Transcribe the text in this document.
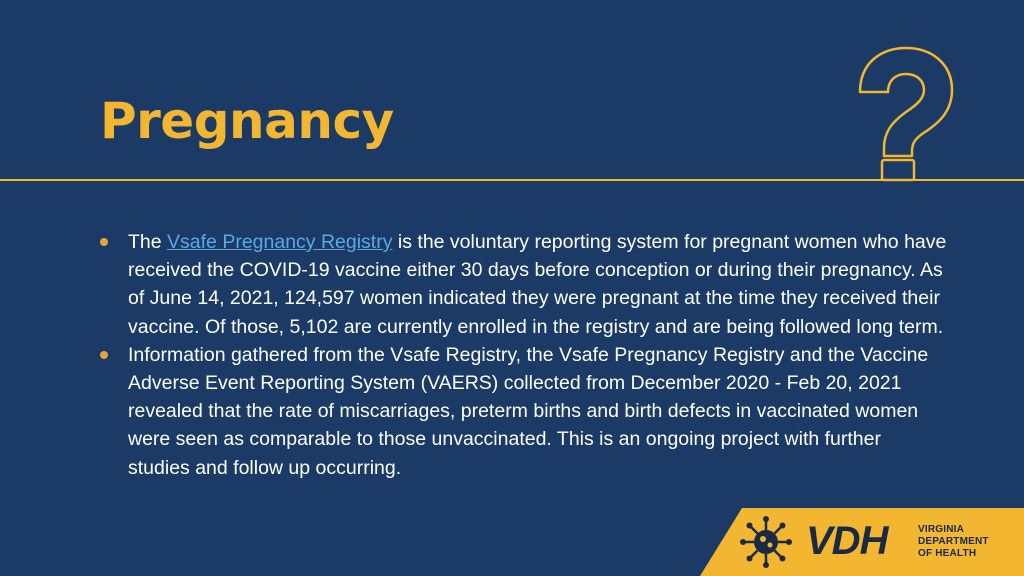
Pregnancy

The Vsafe Pregnancy Registry is the voluntary reporting system for pregnant women who have received the COVID-19 vaccine either 30 days before conception or during their pregnancy. As of June 14, 2021, 124,597 women indicated they were pregnant at the time they received their vaccine. Of those, 5,102 are currently enrolled in the registry and are being followed long term.

Information gathered from the Vsafe Registry, the Vsafe Pregnancy Registry and the Vaccine Adverse Event Reporting System (VAERS) collected from December 2020 - Feb 20, 2021 revealed that the rate of miscarriages, preterm births and birth defects in vaccinated women were seen as comparable to those unvaccinated. This is an ongoing project with further studies and follow up occurring.

VDH	VIRGINIA
DEPARTMENT
OF HEALTH
